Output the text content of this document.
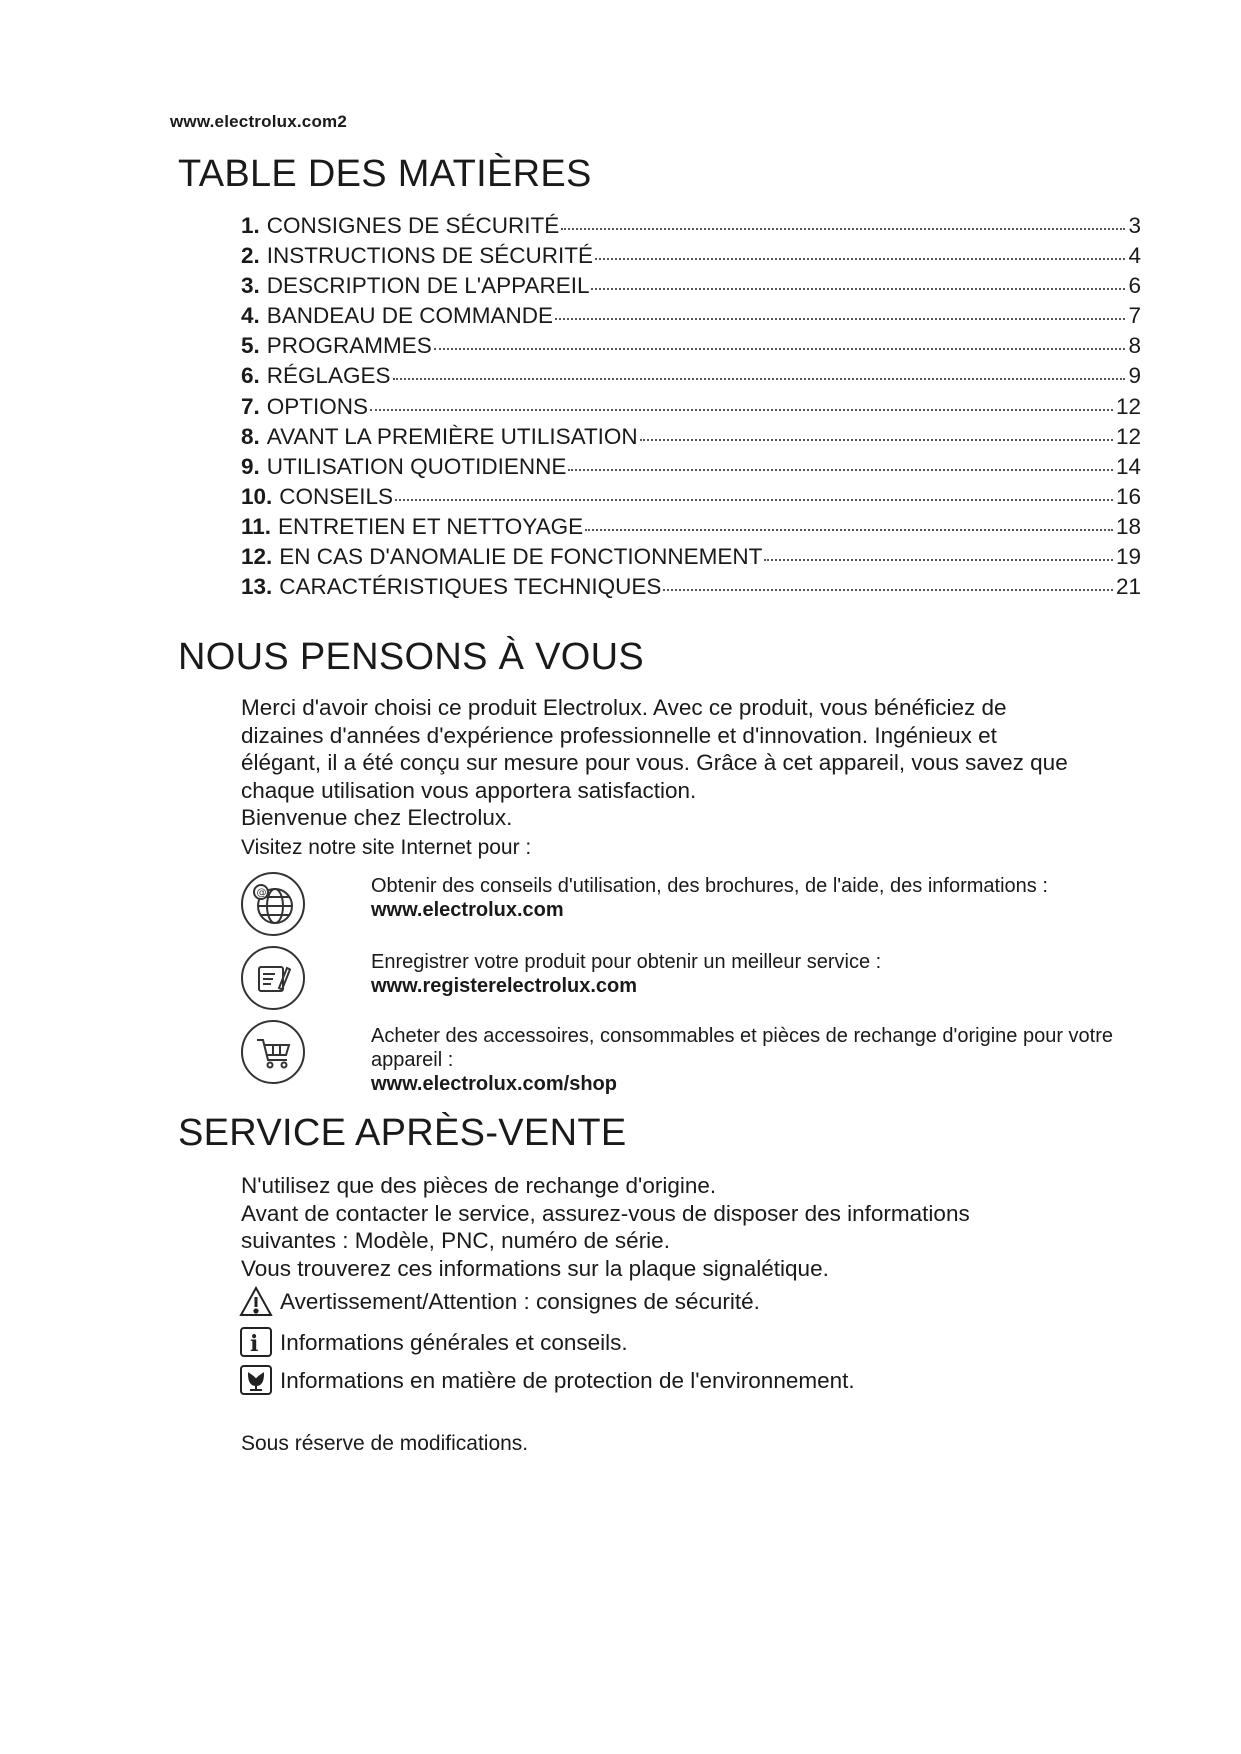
www.electrolux.com2
TABLE DES MATIÈRES
1. CONSIGNES DE SÉCURITÉ	3
2. INSTRUCTIONS DE SÉCURITÉ	4
3. DESCRIPTION DE L'APPAREIL	6
4. BANDEAU DE COMMANDE	7
5. PROGRAMMES	8
6. RÉGLAGES	9
7. OPTIONS	12
8. AVANT LA PREMIÈRE UTILISATION	12
9. UTILISATION QUOTIDIENNE	14
10. CONSEILS	16
11. ENTRETIEN ET NETTOYAGE	18
12. EN CAS D'ANOMALIE DE FONCTIONNEMENT	19
13. CARACTÉRISTIQUES TECHNIQUES	21
NOUS PENSONS À VOUS

Merci d'avoir choisi ce produit Electrolux. Avec ce produit, vous bénéficiez de
dizaines d'années d'expérience professionnelle et d'innovation. Ingénieux et
élégant, il a été conçu sur mesure pour vous. Grâce à cet appareil, vous savez que
chaque utilisation vous apportera satisfaction.
Bienvenue chez Electrolux.

Visitez notre site Internet pour :
@	Obtenir des conseils d'utilisation, des brochures, de l'aide, des informations :
www.electrolux.com
Enregistrer votre produit pour obtenir un meilleur service :
www.registerelectrolux.com
Acheter des accessoires, consommables et pièces de rechange d'origine pour votre appareil :
www.electrolux.com/shop
SERVICE APRÈS-VENTE

N'utilisez que des pièces de rechange d'origine.
Avant de contacter le service, assurez-vous de disposer des informations
suivantes : Modèle, PNC, numéro de série.
Vous trouverez ces informations sur la plaque signalétique.

Avertissement/Attention : consignes de sécurité.
i Informations générales et conseils.
Informations en matière de protection de l'environnement.
Sous réserve de modifications.
